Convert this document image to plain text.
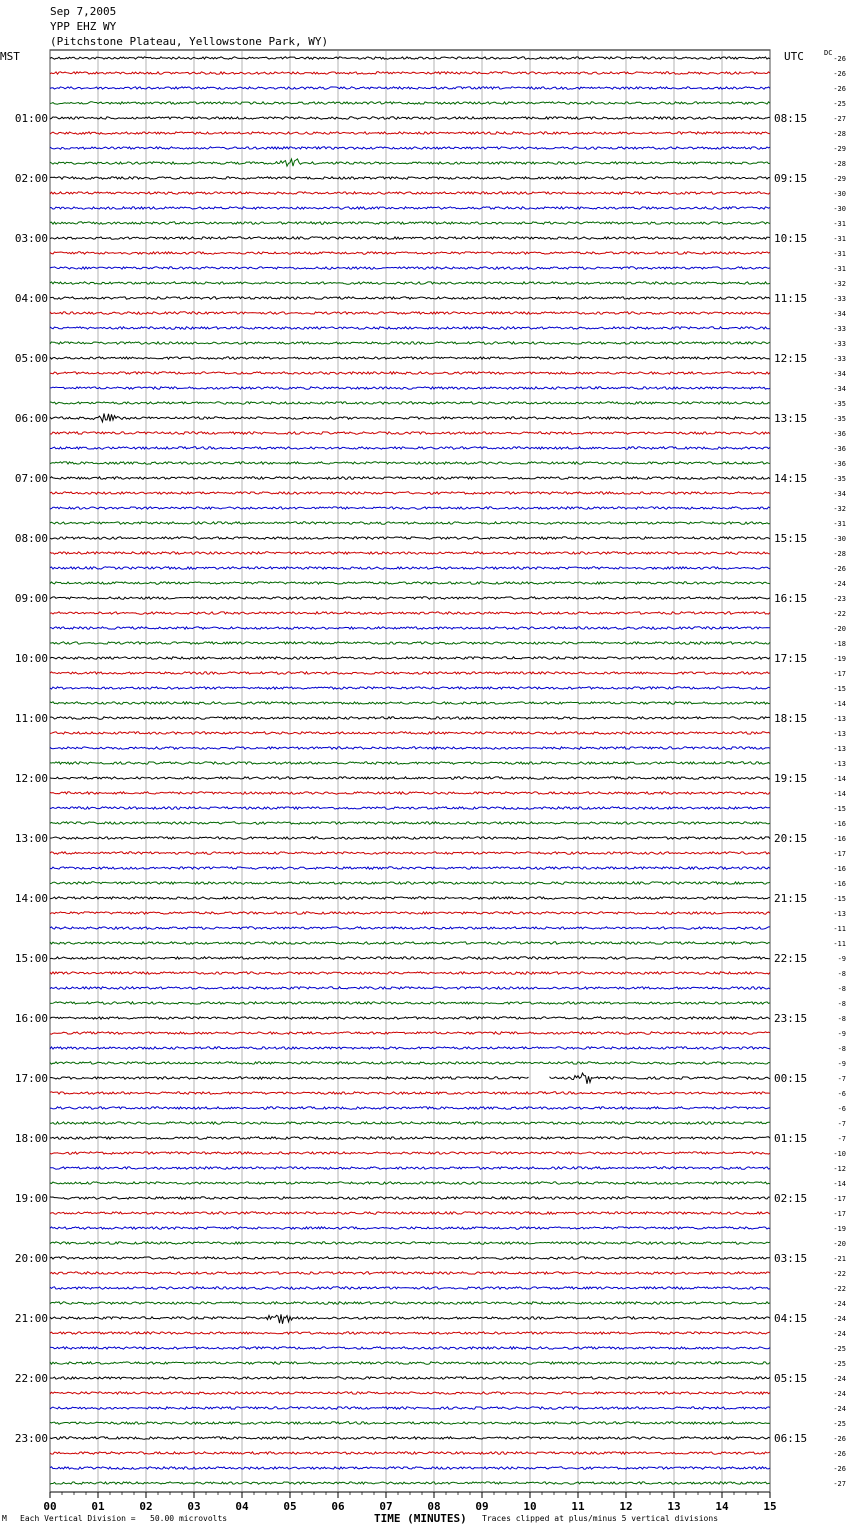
Sep 7,2005
YPP EHZ WY
(Pitchstone Plateau, Yellowstone Park, WY)
MST	UTC	DC
00	01	02	03	04	05	06	07	08	09	10	11	12	13	14	15
-26
-26
-26
-25
-27
-28
-29
-28
-29
-30
-30
-31
-31
-31
-31
-32
-33
-34
-33
-33
-33
-34
-34
-35
-35
-36
-36
-36
-35
-34
-32
-31
-30
-28
-26
-24
-23
-22
-20
-18
-19
-17
-15
-14
-13
-13
-13
-13
-14
-14
-15
-16
-16
-17
-16
-16
-15
-13
-11
-11
-9
-8
-8
-8
-8
-9
-8
-9
-7
-6
-6
-7
-7
-10
-12
-14
-17
-17
-19
-20
-21
-22
-22
-24
-24
-24
-25
-25
-24
-24
-24
-25
-26
-26
-26
-27
01:00
02:00
03:00
04:00
05:00
06:00
07:00
08:00
09:00
10:00
11:00
12:00
13:00
14:00
15:00
16:00
17:00
18:00
19:00
20:00
21:00
22:00
23:00
08:15
09:15
10:15
11:15
12:15
13:15
14:15
15:15
16:15
17:15
18:15
19:15
20:15
21:15
22:15
23:15
00:15
01:15
02:15
03:15
04:15
05:15
06:15
M Each Vertical Division =   50.00 microvolts	TIME (MINUTES) Traces clipped at plus/minus 5 vertical divisions
